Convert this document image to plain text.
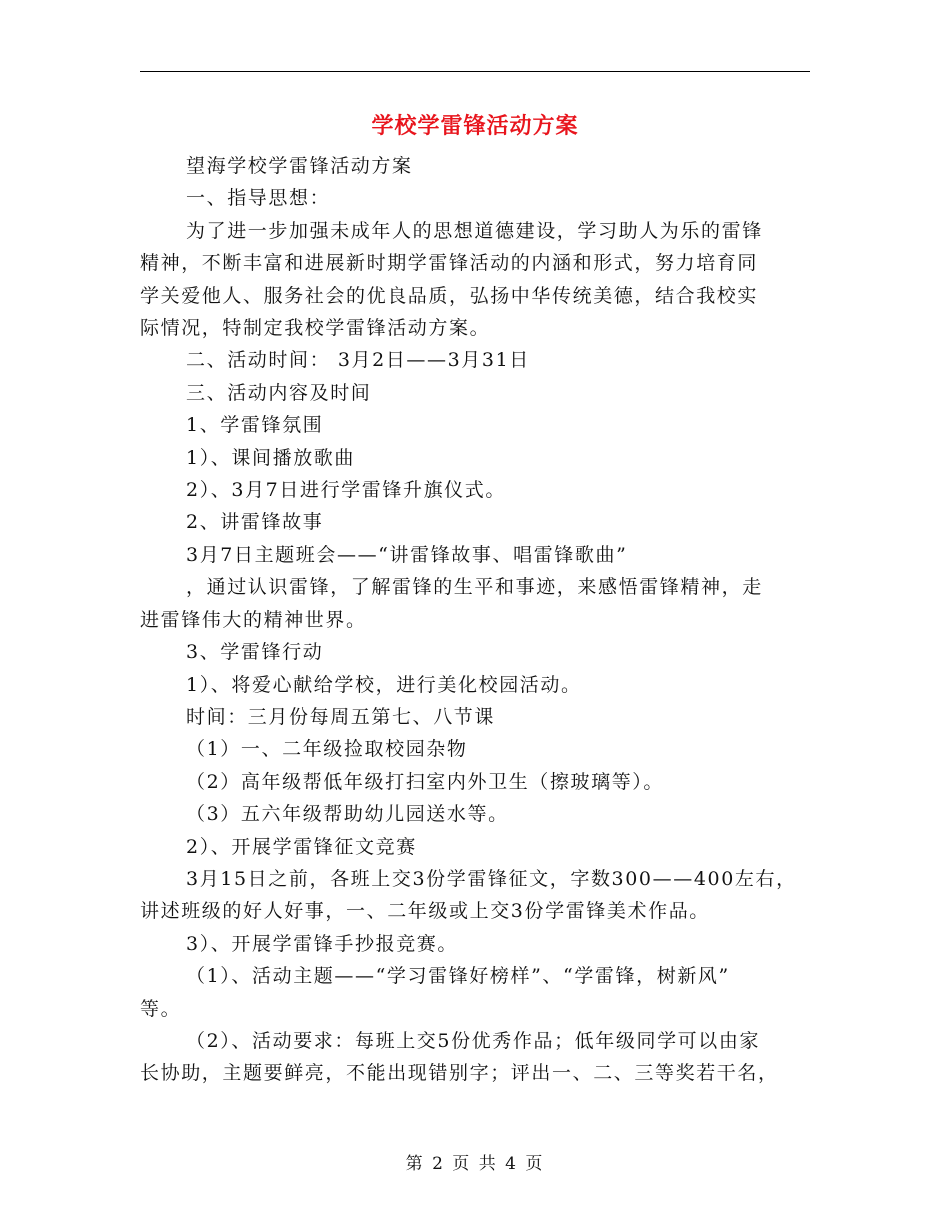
学校学雷锋活动方案

望海学校学雷锋活动方案

一、指导思想：

为了进一步加强未成年人的思想道德建设，学习助人为乐的雷锋

精神，不断丰富和进展新时期学雷锋活动的内涵和形式，努力培育同

学关爱他人、服务社会的优良品质，弘扬中华传统美德，结合我校实

际情况，特制定我校学雷锋活动方案。

二、活动时间： 3月2日——3月31日

三、活动内容及时间

1、学雷锋氛围

1）、课间播放歌曲

2）、3月7日进行学雷锋升旗仪式。

2、讲雷锋故事

3月7日主题班会——“讲雷锋故事、唱雷锋歌曲”

，通过认识雷锋，了解雷锋的生平和事迹，来感悟雷锋精神，走

进雷锋伟大的精神世界。

3、学雷锋行动

1）、将爱心献给学校，进行美化校园活动。

时间：三月份每周五第七、八节课

（1）一、二年级捡取校园杂物

（2）高年级帮低年级打扫室内外卫生（擦玻璃等）。

（3）五六年级帮助幼儿园送水等。

2）、开展学雷锋征文竞赛

3月15日之前，各班上交3份学雷锋征文，字数300——400左右，

讲述班级的好人好事，一、二年级或上交3份学雷锋美术作品。

3）、开展学雷锋手抄报竞赛。

（1）、活动主题——“学习雷锋好榜样”、“学雷锋，树新风”

等。

（2）、活动要求：每班上交5份优秀作品；低年级同学可以由家

长协助，主题要鲜亮，不能出现错别字；评出一、二、三等奖若干名，

第 2 页 共 4 页
